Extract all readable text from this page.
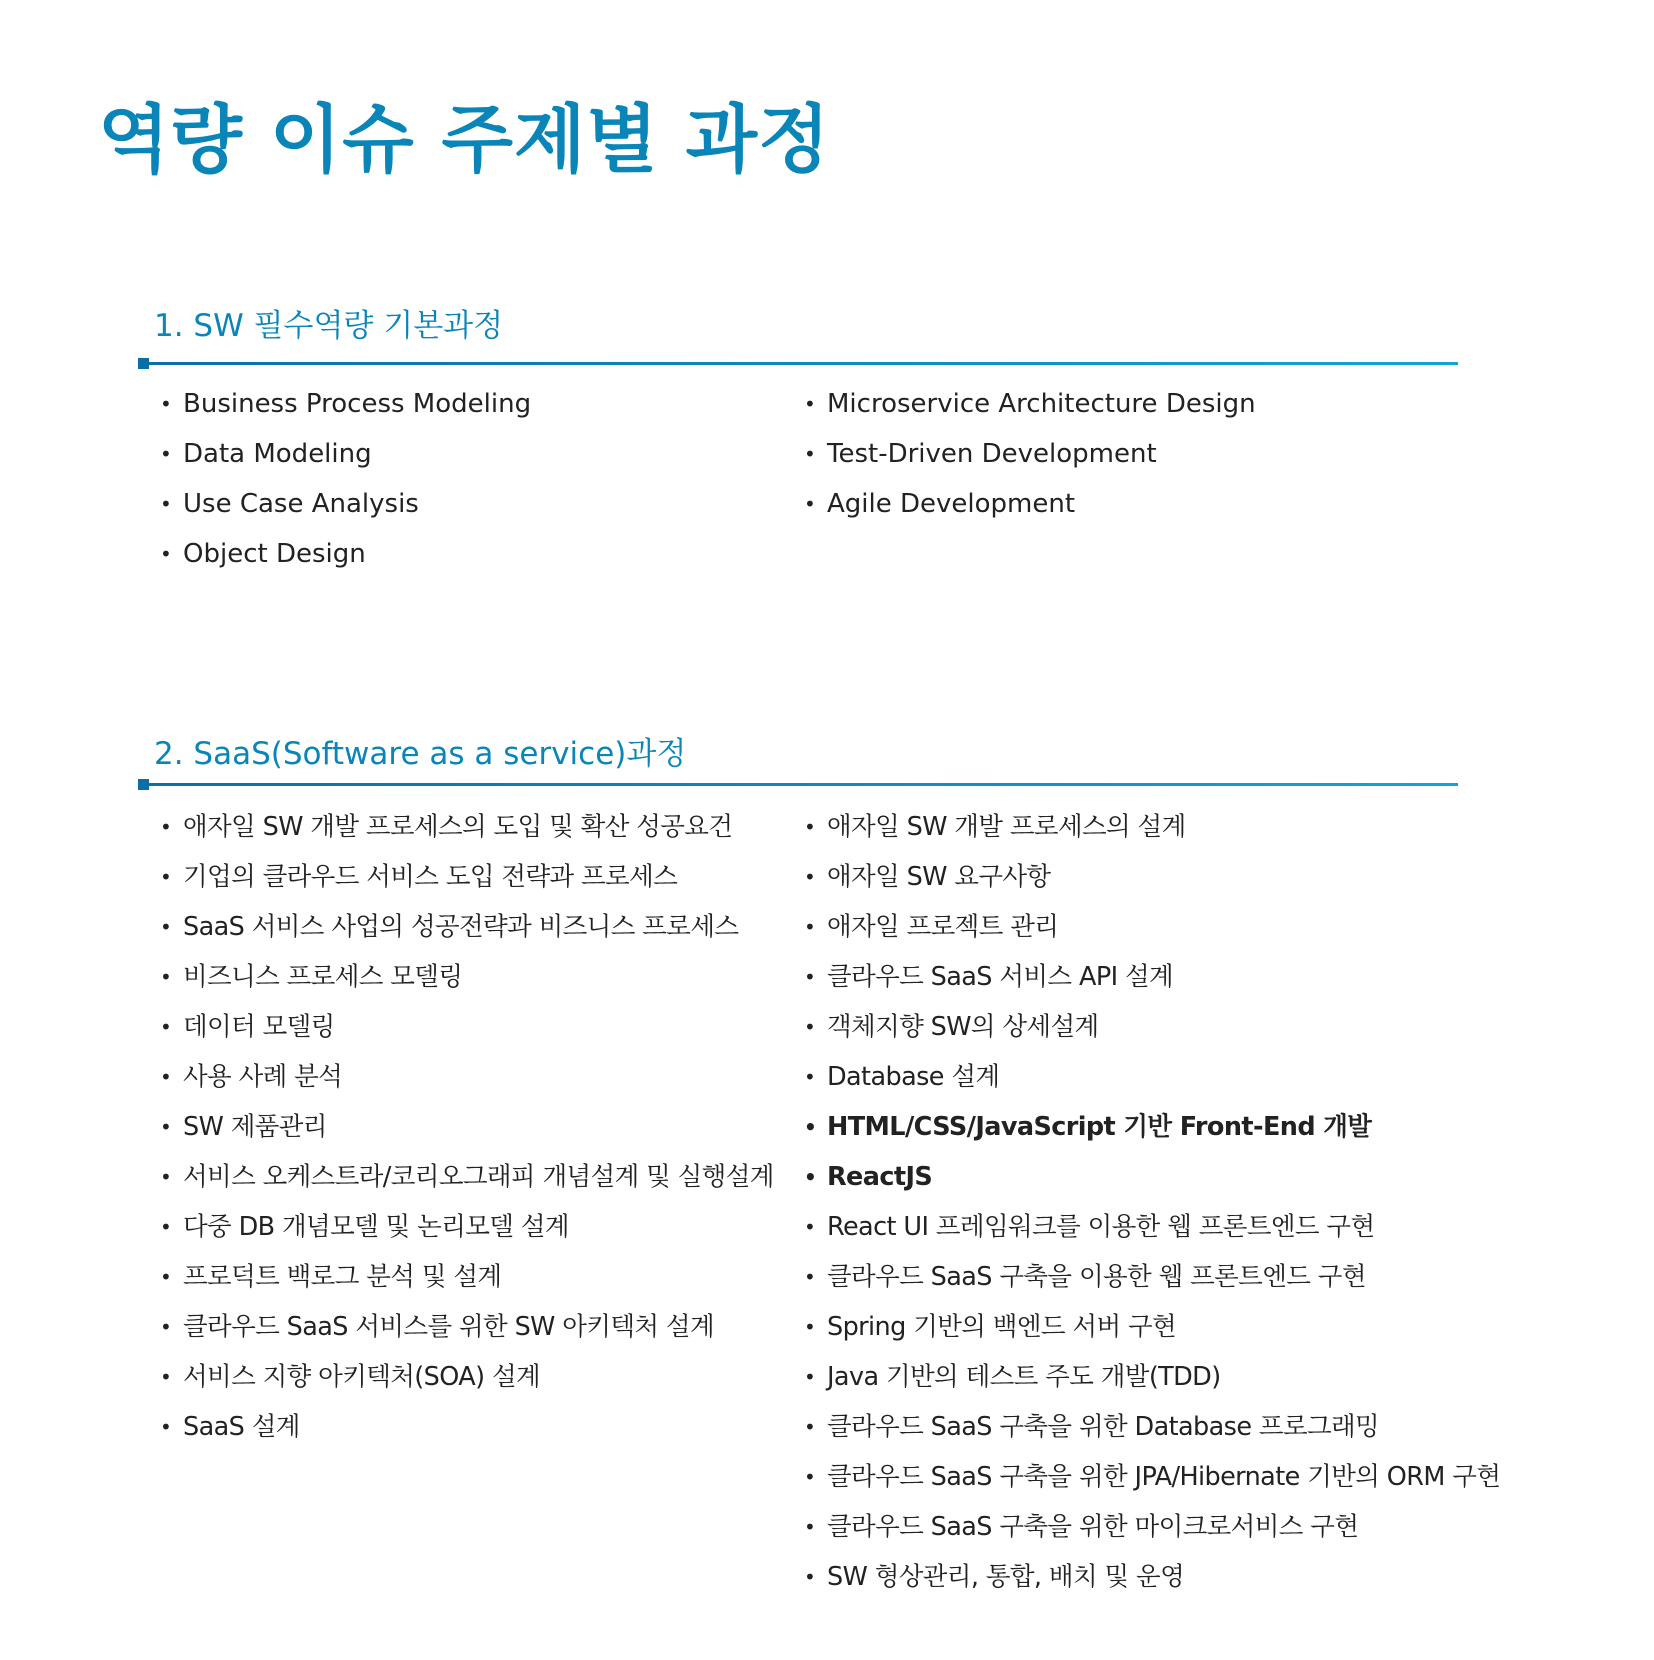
역량 이슈 주제별 과정
1. SW 필수역량 기본과정
• Business Process Modeling
• Data Modeling
• Use Case Analysis
• Object Design
• Microservice Architecture Design
• Test-Driven Development
• Agile Development
2. SaaS(Software as a service)과정
• 애자일 SW 개발 프로세스의 도입 및 확산 성공요건
• 기업의 클라우드 서비스 도입 전략과 프로세스
• SaaS 서비스 사업의 성공전략과 비즈니스 프로세스
• 비즈니스 프로세스 모델링
• 데이터 모델링
• 사용 사례 분석
• SW 제품관리
• 서비스 오케스트라/코리오그래피 개념설계 및 실행설계
• 다중 DB 개념모델 및 논리모델 설계
• 프로덕트 백로그 분석 및 설계
• 클라우드 SaaS 서비스를 위한 SW 아키텍처 설계
• 서비스 지향 아키텍처(SOA) 설계
• SaaS 설계
• 애자일 SW 개발 프로세스의 설계
• 애자일 SW 요구사항
• 애자일 프로젝트 관리
• 클라우드 SaaS 서비스 API 설계
• 객체지향 SW의 상세설계
• Database 설계
• HTML/CSS/JavaScript 기반 Front-End 개발
• ReactJS
• React UI 프레임워크를 이용한 웹 프론트엔드 구현
• 클라우드 SaaS 구축을 이용한 웹 프론트엔드 구현
• Spring 기반의 백엔드 서버 구현
• Java 기반의 테스트 주도 개발(TDD)
• 클라우드 SaaS 구축을 위한 Database 프로그래밍
• 클라우드 SaaS 구축을 위한 JPA/Hibernate 기반의 ORM 구현
• 클라우드 SaaS 구축을 위한 마이크로서비스 구현
• SW 형상관리, 통합, 배치 및 운영
